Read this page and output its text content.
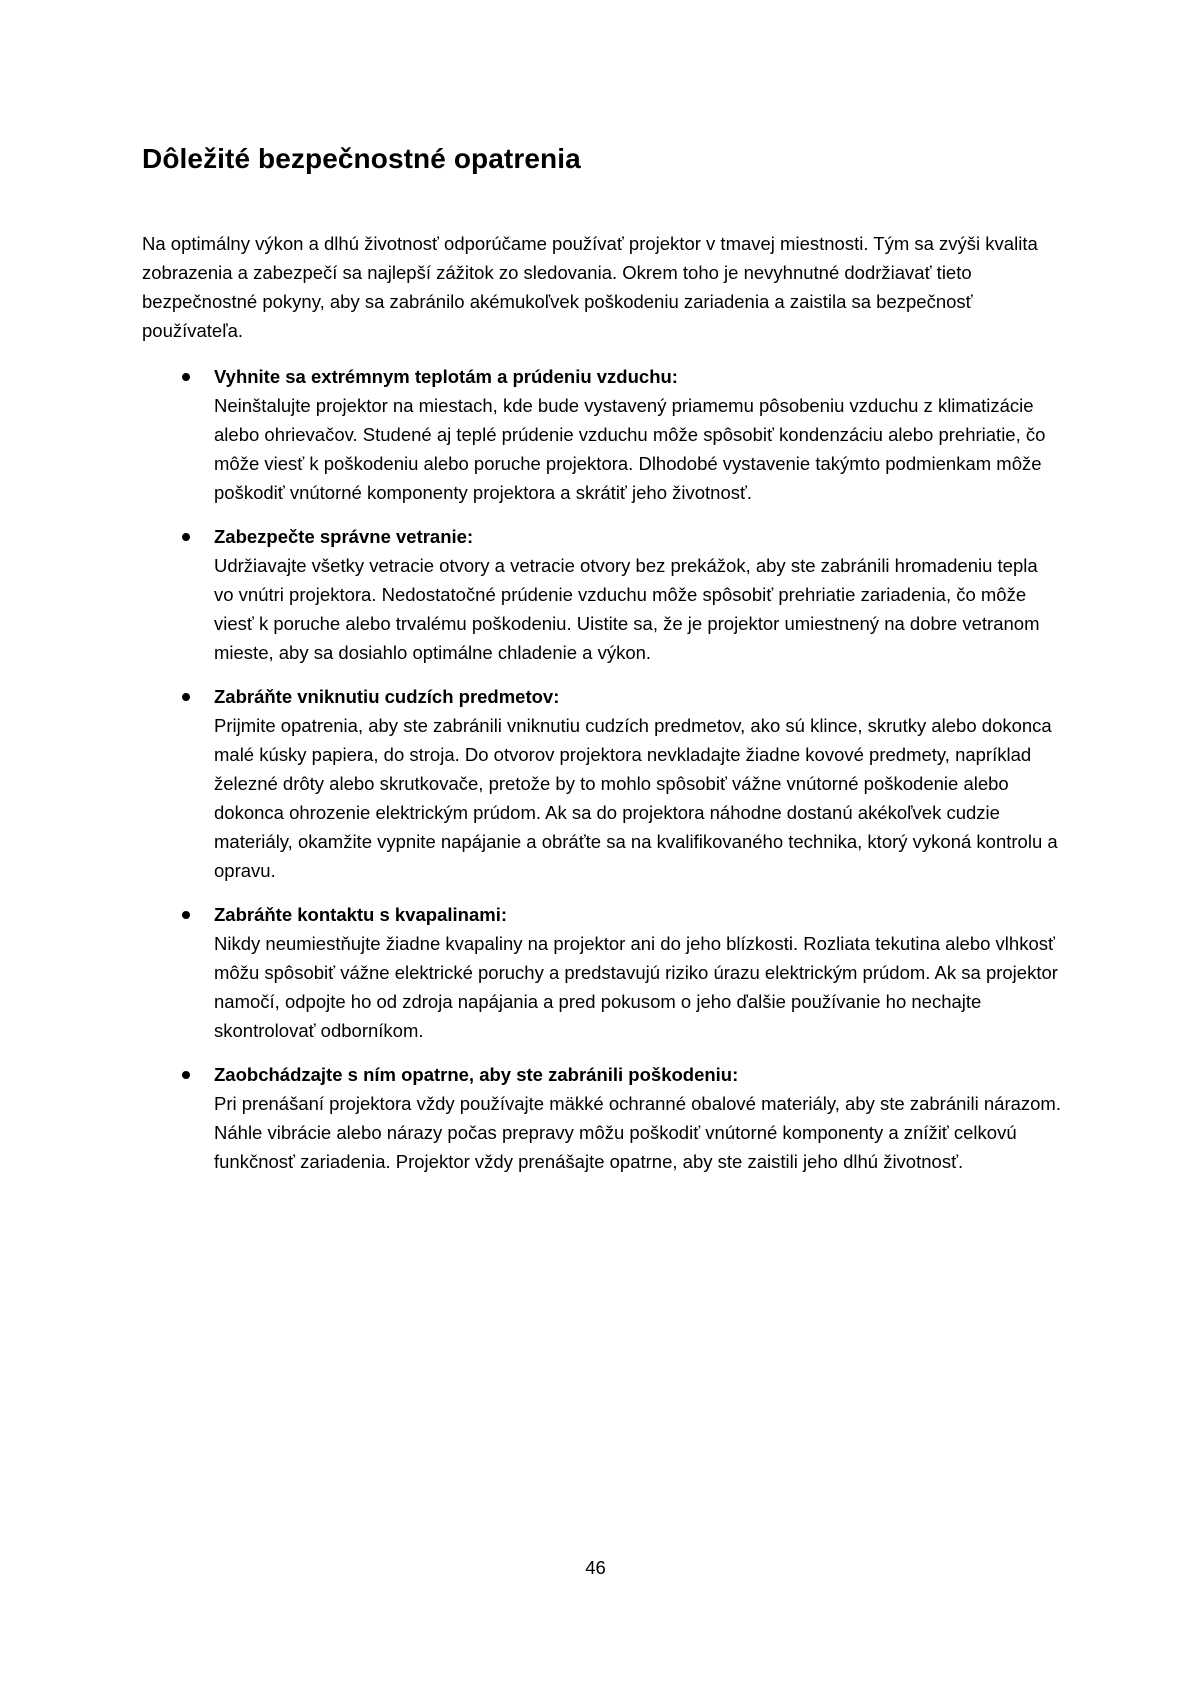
Dôležité bezpečnostné opatrenia

Na optimálny výkon a dlhú životnosť odporúčame používať projektor v tmavej miestnosti. Tým sa zvýši kvalita zobrazenia a zabezpečí sa najlepší zážitok zo sledovania. Okrem toho je nevyhnutné dodržiavať tieto bezpečnostné pokyny, aby sa zabránilo akémukoľvek poškodeniu zariadenia a zaistila sa bezpečnosť používateľa.

Vyhnite sa extrémnym teplotám a prúdeniu vzduchu:
Neinštalujte projektor na miestach, kde bude vystavený priamemu pôsobeniu vzduchu z klimatizácie alebo ohrievačov. Studené aj teplé prúdenie vzduchu môže spôsobiť kondenzáciu alebo prehriatie, čo môže viesť k poškodeniu alebo poruche projektora. Dlhodobé vystavenie takýmto podmienkam môže poškodiť vnútorné komponenty projektora a skrátiť jeho životnosť.
Zabezpečte správne vetranie:
Udržiavajte všetky vetracie otvory a vetracie otvory bez prekážok, aby ste zabránili hromadeniu tepla vo vnútri projektora. Nedostatočné prúdenie vzduchu môže spôsobiť prehriatie zariadenia, čo môže viesť k poruche alebo trvalému poškodeniu. Uistite sa, že je projektor umiestnený na dobre vetranom mieste, aby sa dosiahlo optimálne chladenie a výkon.
Zabráňte vniknutiu cudzích predmetov:
Prijmite opatrenia, aby ste zabránili vniknutiu cudzích predmetov, ako sú klince, skrutky alebo dokonca malé kúsky papiera, do stroja. Do otvorov projektora nevkladajte žiadne kovové predmety, napríklad železné drôty alebo skrutkovače, pretože by to mohlo spôsobiť vážne vnútorné poškodenie alebo dokonca ohrozenie elektrickým prúdom. Ak sa do projektora náhodne dostanú akékoľvek cudzie materiály, okamžite vypnite napájanie a obráťte sa na kvalifikovaného technika, ktorý vykoná kontrolu a opravu.
Zabráňte kontaktu s kvapalinami:
Nikdy neumiestňujte žiadne kvapaliny na projektor ani do jeho blízkosti. Rozliata tekutina alebo vlhkosť môžu spôsobiť vážne elektrické poruchy a predstavujú riziko úrazu elektrickým prúdom. Ak sa projektor namočí, odpojte ho od zdroja napájania a pred pokusom o jeho ďalšie používanie ho nechajte skontrolovať odborníkom.
Zaobchádzajte s ním opatrne, aby ste zabránili poškodeniu:
Pri prenášaní projektora vždy používajte mäkké ochranné obalové materiály, aby ste zabránili nárazom. Náhle vibrácie alebo nárazy počas prepravy môžu poškodiť vnútorné komponenty a znížiť celkovú funkčnosť zariadenia. Projektor vždy prenášajte opatrne, aby ste zaistili jeho dlhú životnosť.
46
